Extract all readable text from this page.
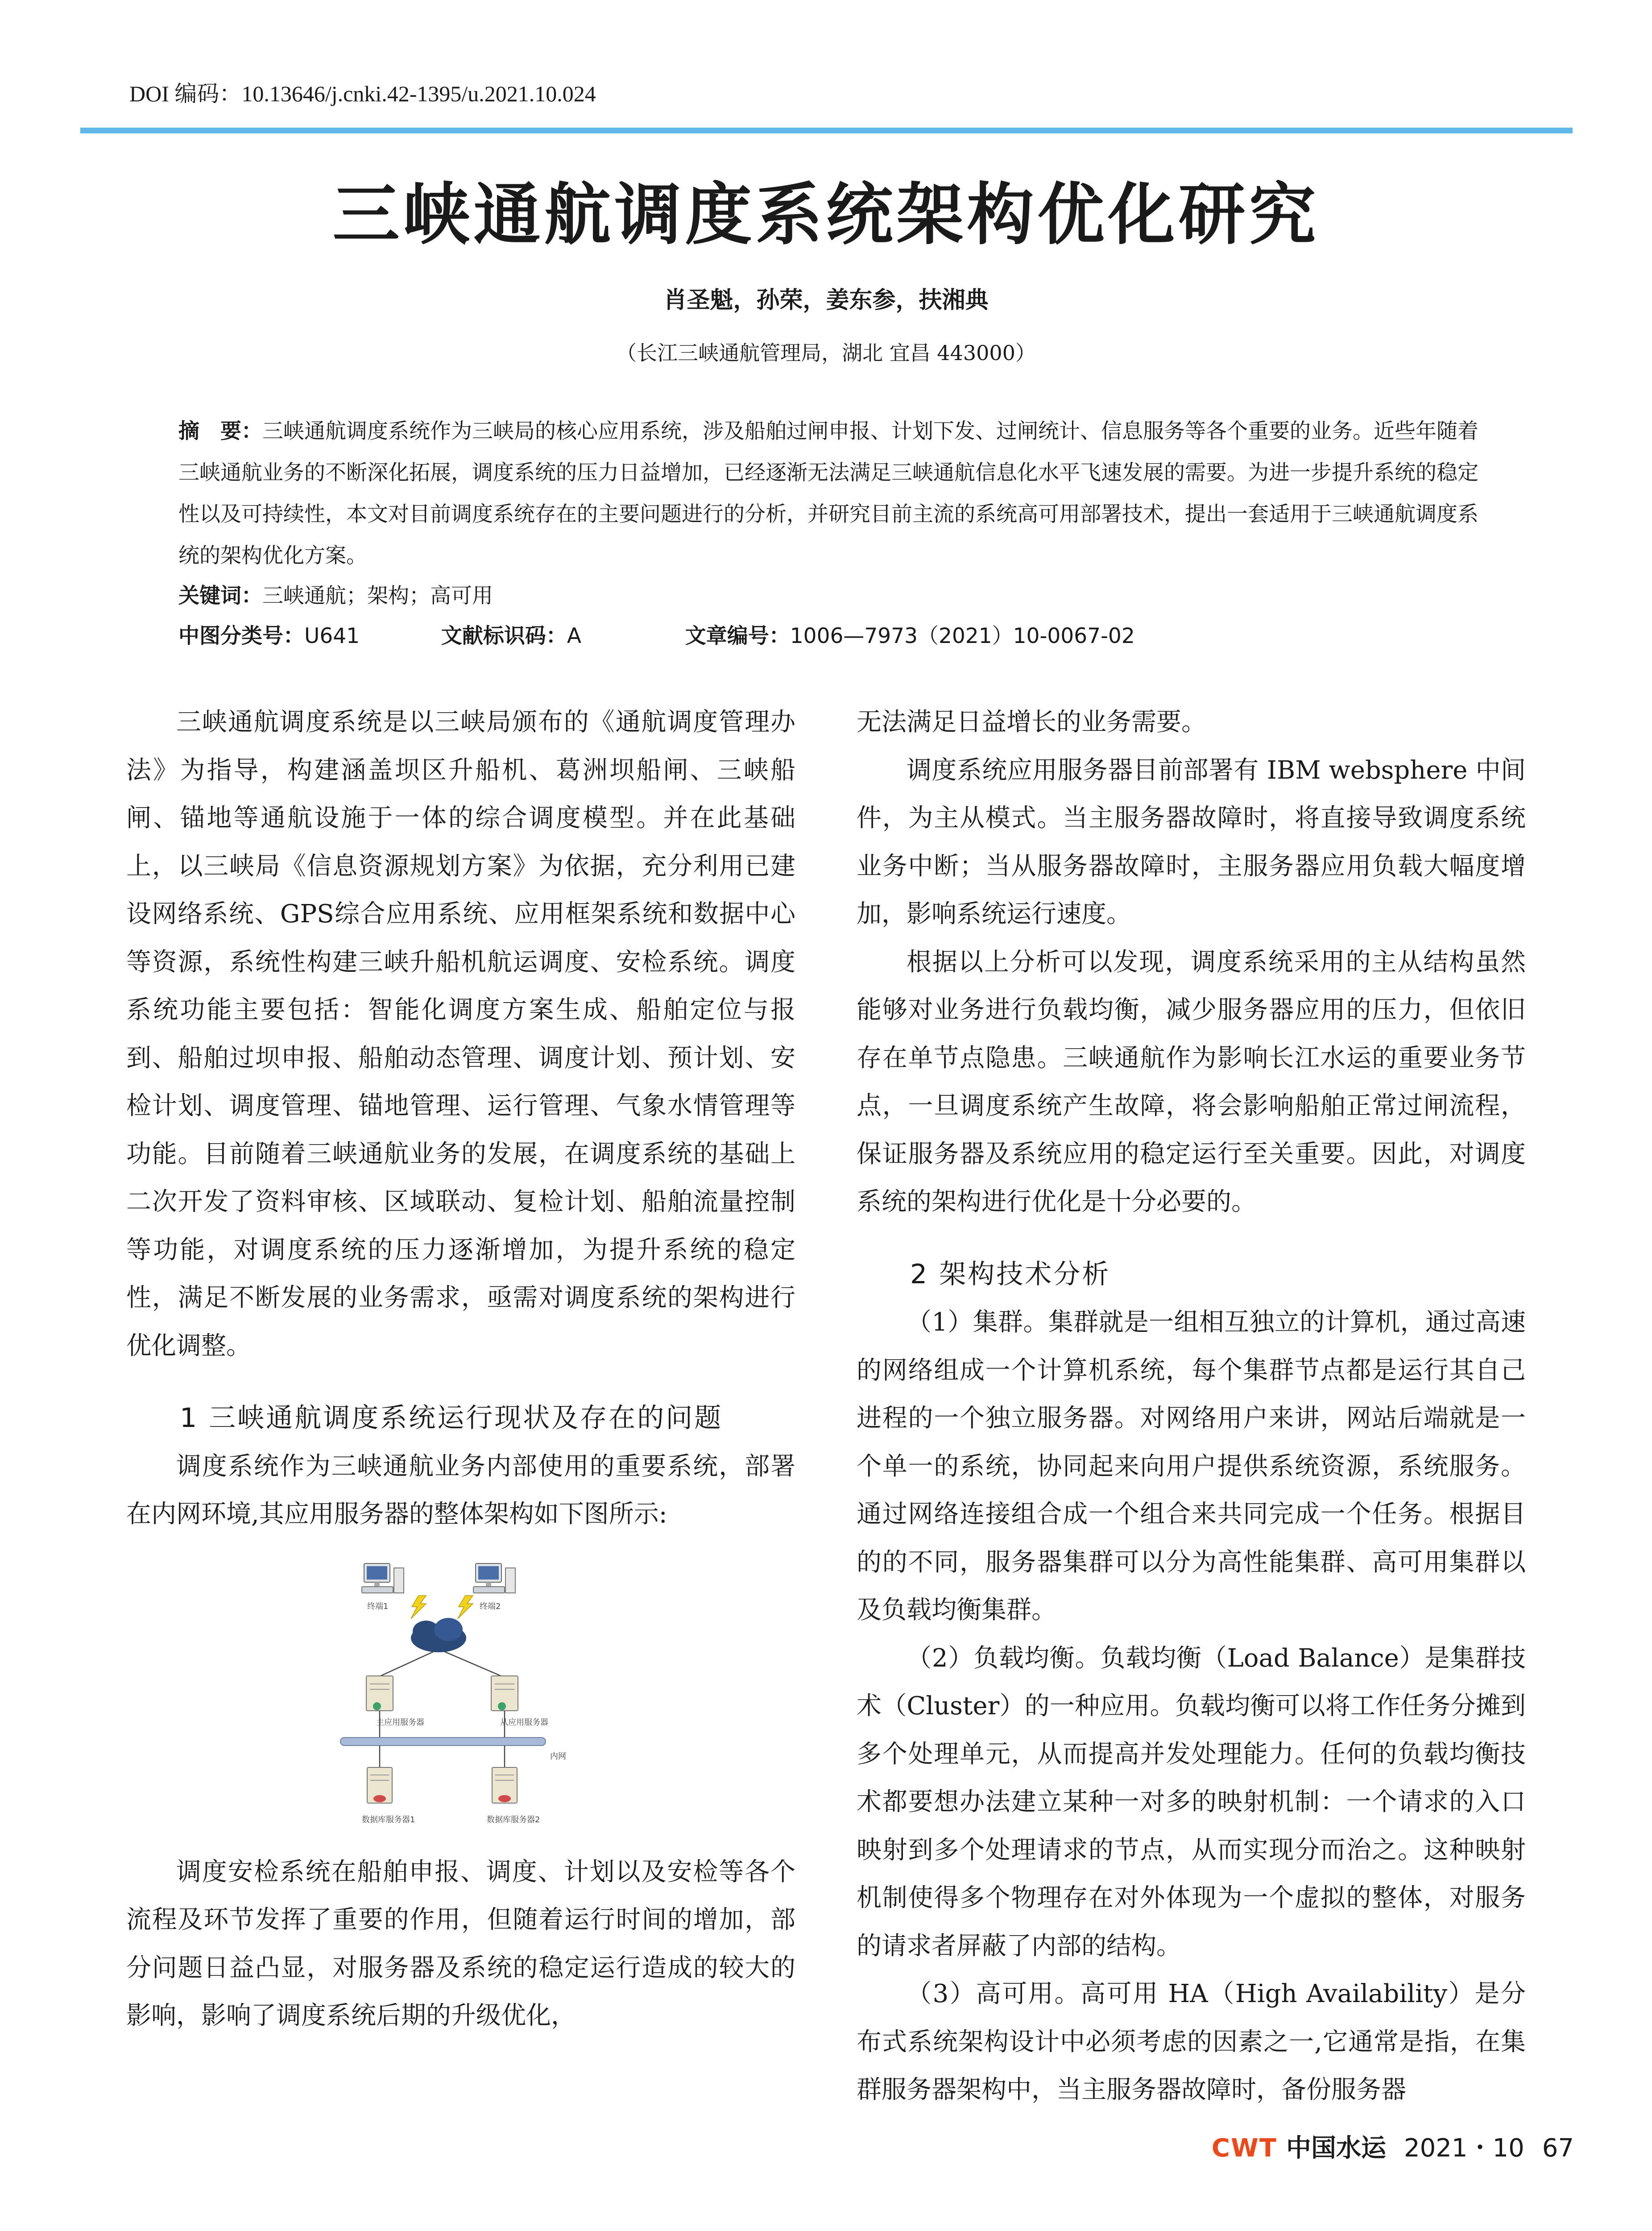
DOI 编码：10.13646/j.cnki.42-1395/u.2021.10.024
三峡通航调度系统架构优化研究
肖圣魁，孙荣，姜东参，扶湘典
（长江三峡通航管理局，湖北 宜昌 443000）
摘　要：三峡通航调度系统作为三峡局的核心应用系统，涉及船舶过闸申报、计划下发、过闸统计、信息服务等各个重要的业务。近些年随着三峡通航业务的不断深化拓展，调度系统的压力日益增加，已经逐渐无法满足三峡通航信息化水平飞速发展的需要。为进一步提升系统的稳定性以及可持续性，本文对目前调度系统存在的主要问题进行的分析，并研究目前主流的系统高可用部署技术，提出一套适用于三峡通航调度系统的架构优化方案。
关键词：三峡通航；架构；高可用
中图分类号：U641	文献标识码：A	文章编号：1006—7973（2021）10-0067-02

三峡通航调度系统是以三峡局颁布的《通航调度管理办法》为指导，构建涵盖坝区升船机、葛洲坝船闸、三峡船闸、锚地等通航设施于一体的综合调度模型。并在此基础上，以三峡局《信息资源规划方案》为依据，充分利用已建设网络系统、GPS综合应用系统、应用框架系统和数据中心等资源，系统性构建三峡升船机航运调度、安检系统。调度系统功能主要包括：智能化调度方案生成、船舶定位与报到、船舶过坝申报、船舶动态管理、调度计划、预计划、安检计划、调度管理、锚地管理、运行管理、气象水情管理等功能。目前随着三峡通航业务的发展，在调度系统的基础上二次开发了资料审核、区域联动、复检计划、船舶流量控制等功能，对调度系统的压力逐渐增加，为提升系统的稳定性，满足不断发展的业务需求，亟需对调度系统的架构进行优化调整。

1 三峡通航调度系统运行现状及存在的问题

调度系统作为三峡通航业务内部使用的重要系统，部署在内网环境,其应用服务器的整体架构如下图所示:

终端1	终端2
主应用服务器	从应用服务器
内网
数据库服务器1	数据库服务器2

调度安检系统在船舶申报、调度、计划以及安检等各个流程及环节发挥了重要的作用，但随着运行时间的增加，部分问题日益凸显，对服务器及系统的稳定运行造成的较大的影响，影响了调度系统后期的升级优化，

无法满足日益增长的业务需要。

调度系统应用服务器目前部署有 IBM websphere 中间件，为主从模式。当主服务器故障时，将直接导致调度系统业务中断；当从服务器故障时，主服务器应用负载大幅度增加，影响系统运行速度。

根据以上分析可以发现，调度系统采用的主从结构虽然能够对业务进行负载均衡，减少服务器应用的压力，但依旧存在单节点隐患。三峡通航作为影响长江水运的重要业务节点，一旦调度系统产生故障，将会影响船舶正常过闸流程，保证服务器及系统应用的稳定运行至关重要。因此，对调度系统的架构进行优化是十分必要的。

2 架构技术分析

（1）集群。集群就是一组相互独立的计算机，通过高速的网络组成一个计算机系统，每个集群节点都是运行其自己进程的一个独立服务器。对网络用户来讲，网站后端就是一个单一的系统，协同起来向用户提供系统资源，系统服务。通过网络连接组合成一个组合来共同完成一个任务。根据目的的不同，服务器集群可以分为高性能集群、高可用集群以及负载均衡集群。

（2）负载均衡。负载均衡（Load Balance）是集群技术（Cluster）的一种应用。负载均衡可以将工作任务分摊到多个处理单元，从而提高并发处理能力。任何的负载均衡技术都要想办法建立某种一对多的映射机制：一个请求的入口映射到多个处理请求的节点，从而实现分而治之。这种映射机制使得多个物理存在对外体现为一个虚拟的整体，对服务的请求者屏蔽了内部的结构。

（3）高可用。高可用 HA（High Availability）是分布式系统架构设计中必须考虑的因素之一,它通常是指，在集群服务器架构中，当主服务器故障时，备份服务器

CWT 中国水运 2021・10 67
